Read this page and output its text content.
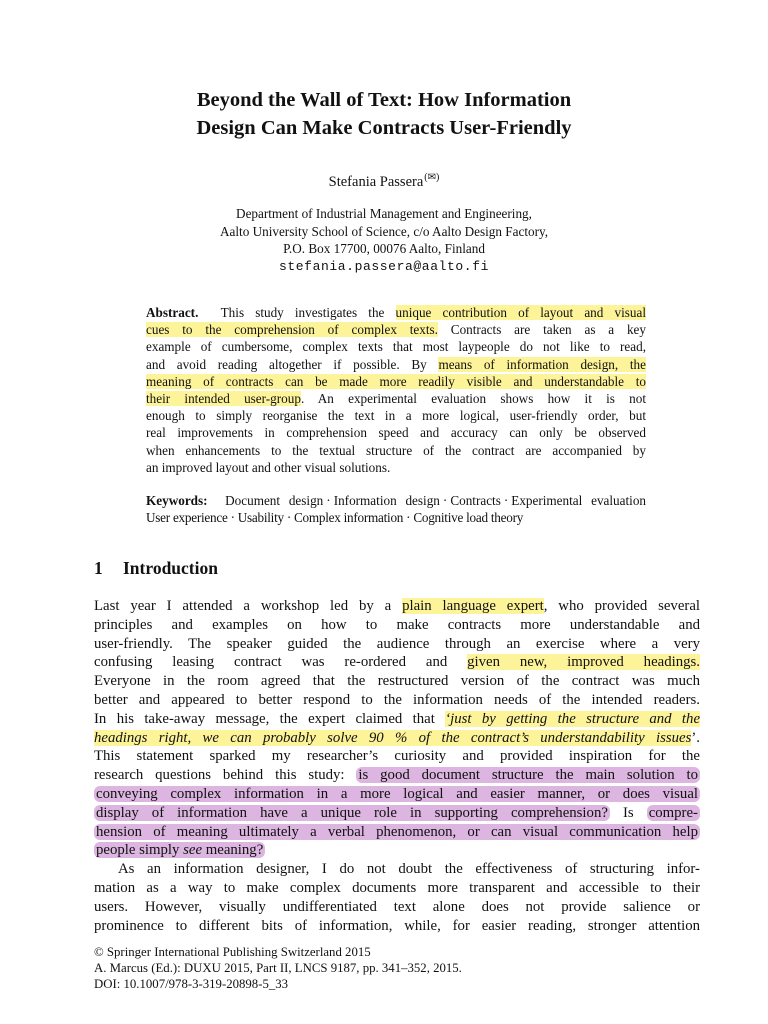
Beyond the Wall of Text: How Information
Design Can Make Contracts User-Friendly
Stefania Passera(✉)
Department of Industrial Management and Engineering,
Aalto University School of Science, c/o Aalto Design Factory,
P.O. Box 17700, 00076 Aalto, Finland
stefania.passera@aalto.fi
Abstract. This study investigates the unique contribution of layout and visual
cues to the comprehension of complex texts. Contracts are taken as a key
example of cumbersome, complex texts that most laypeople do not like to read,
and avoid reading altogether if possible. By means of information design, the
meaning of contracts can be made more readily visible and understandable to
their intended user-group. An experimental evaluation shows how it is not
enough to simply reorganise the text in a more logical, user-friendly order, but
real improvements in comprehension speed and accuracy can only be observed
when enhancements to the textual structure of the contract are accompanied by
an improved layout and other visual solutions.
Keywords: Document design · Information design · Contracts · Experimental evaluation
User experience · Usability · Complex information · Cognitive load theory
1 Introduction
Last year I attended a workshop led by a plain language expert, who provided several
principles and examples on how to make contracts more understandable and
user-friendly. The speaker guided the audience through an exercise where a very
confusing leasing contract was re-ordered and given new, improved headings.
Everyone in the room agreed that the restructured version of the contract was much
better and appeared to better respond to the information needs of the intended readers.
In his take-away message, the expert claimed that ‘just by getting the structure and the
headings right, we can probably solve 90 % of the contract’s understandability issues’.
This statement sparked my researcher’s curiosity and provided inspiration for the
research questions behind this study: is good document structure the main solution to
conveying complex information in a more logical and easier manner, or does visual
display of information have a unique role in supporting comprehension? Is compre-
hension of meaning ultimately a verbal phenomenon, or can visual communication help
people simply see meaning?
As an information designer, I do not doubt the effectiveness of structuring infor-
mation as a way to make complex documents more transparent and accessible to their
users. However, visually undifferentiated text alone does not provide salience or
prominence to different bits of information, while, for easier reading, stronger attention
© Springer International Publishing Switzerland 2015
A. Marcus (Ed.): DUXU 2015, Part II, LNCS 9187, pp. 341–352, 2015.
DOI: 10.1007/978-3-319-20898-5_33
